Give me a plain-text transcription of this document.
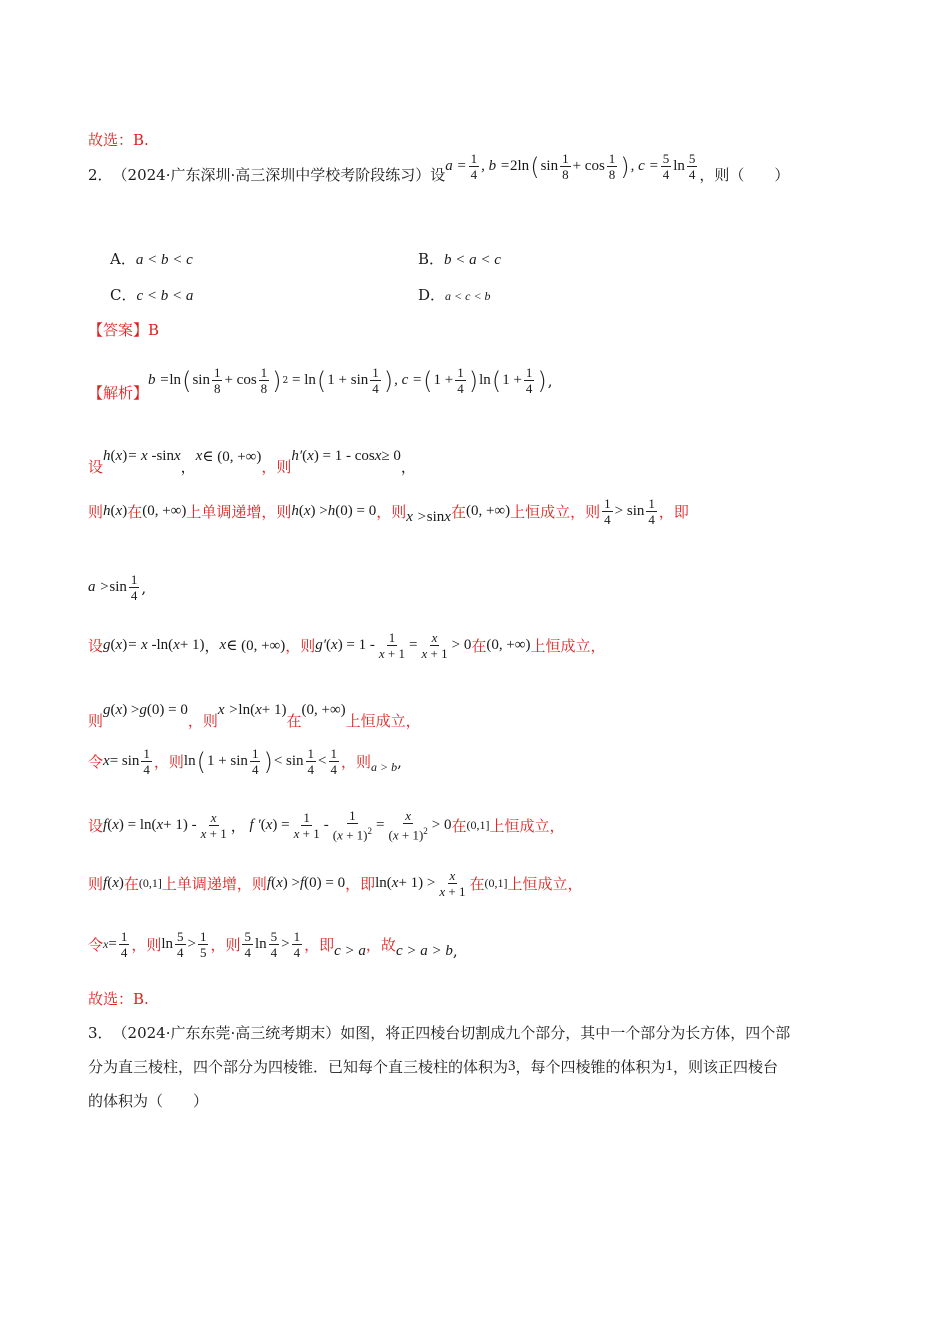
故选：B.
2． （2024·广东深圳·高三深圳中学校考阶段练习）设 $a = \frac{1}{4}$ , b = 2ln ( $\sin \frac{1}{8} + \cos \frac{1}{8}$ ) , $c = \frac{5}{4}$ $\ln \frac{5}{4}$ ，则（　　）
A．a < b < c	B．b < a < c
C．c < b < a	D．a < c < b
【答案】B
【解析】
b = ln ( $\sin \frac{1}{8} + \cos \frac{1}{8}$ ) 2 = ln ( $1 + \sin \frac{1}{4}$ ) , c = ( $1 + \frac{1}{4}$ ) ln ( $1 + \frac{1}{4}$ ) ,
设
h ( x ) = x - sin x
，
x ∈ (0, +∞)
，则
h′ ( x ) = 1 - cos x ≥ 0
，
则 h ( x ) 在 (0, +∞) 上单调递增，则 h ( x ) > h (0) = 0 ，则 x > sin x 在 (0, +∞) 上恒成立，则 $\frac{1}{4} > \sin \frac{1}{4}$ ，即
$a > \sin \frac{1}{4}$ ,
设 g ( x ) = x - ln( x + 1) ， x ∈ (0, +∞) ，则 g′ ( x ) = $1 - \frac{1}{x + 1} = \frac{x}{x + 1} > 0$ 在 (0, +∞) 上恒成立，
则
g ( x ) > g (0) = 0
，则
x > ln( x + 1)
在
(0, +∞)
上恒成立，
令 $x = \sin \frac{1}{4}$ ，则 ln ( $1 + \sin \frac{1}{4}$ ) < $\sin \frac{1}{4} < \frac{1}{4}$ ，则 a > b ,
设 f ( x ) = ln( $x + 1) - \frac{x}{x + 1}$ ， f ′ ( x ) = $\frac{1}{x + 1} - \frac{1}{(x + 1)^2} = \frac{x}{(x + 1)^2} > 0$ 在 (0,1] 上恒成立，
则 f ( x ) 在 (0,1] 上单调递增，则 f ( x ) > f (0) = 0 ，即 ln( $x + 1) > \frac{x}{x + 1}$ 在 (0,1] 上恒成立，
令 $x = \frac{1}{4}$ ，则 $\ln \frac{5}{4} > \frac{1}{5}$ ，则 $\frac{5}{4}$ $\ln \frac{5}{4} > \frac{1}{4}$ ，即 c > a ，故 c > a > b ,
故选：B.
3． （2024·广东东莞·高三统考期末）如图，将正四棱台切割成九个部分，其中一个部分为长方体，四个部
分为直三棱柱，四个部分为四棱锥．已知每个直三棱柱的体积为 3 ，每个四棱锥的体积为 1 ，则该正四棱台
的体积为（　　）
